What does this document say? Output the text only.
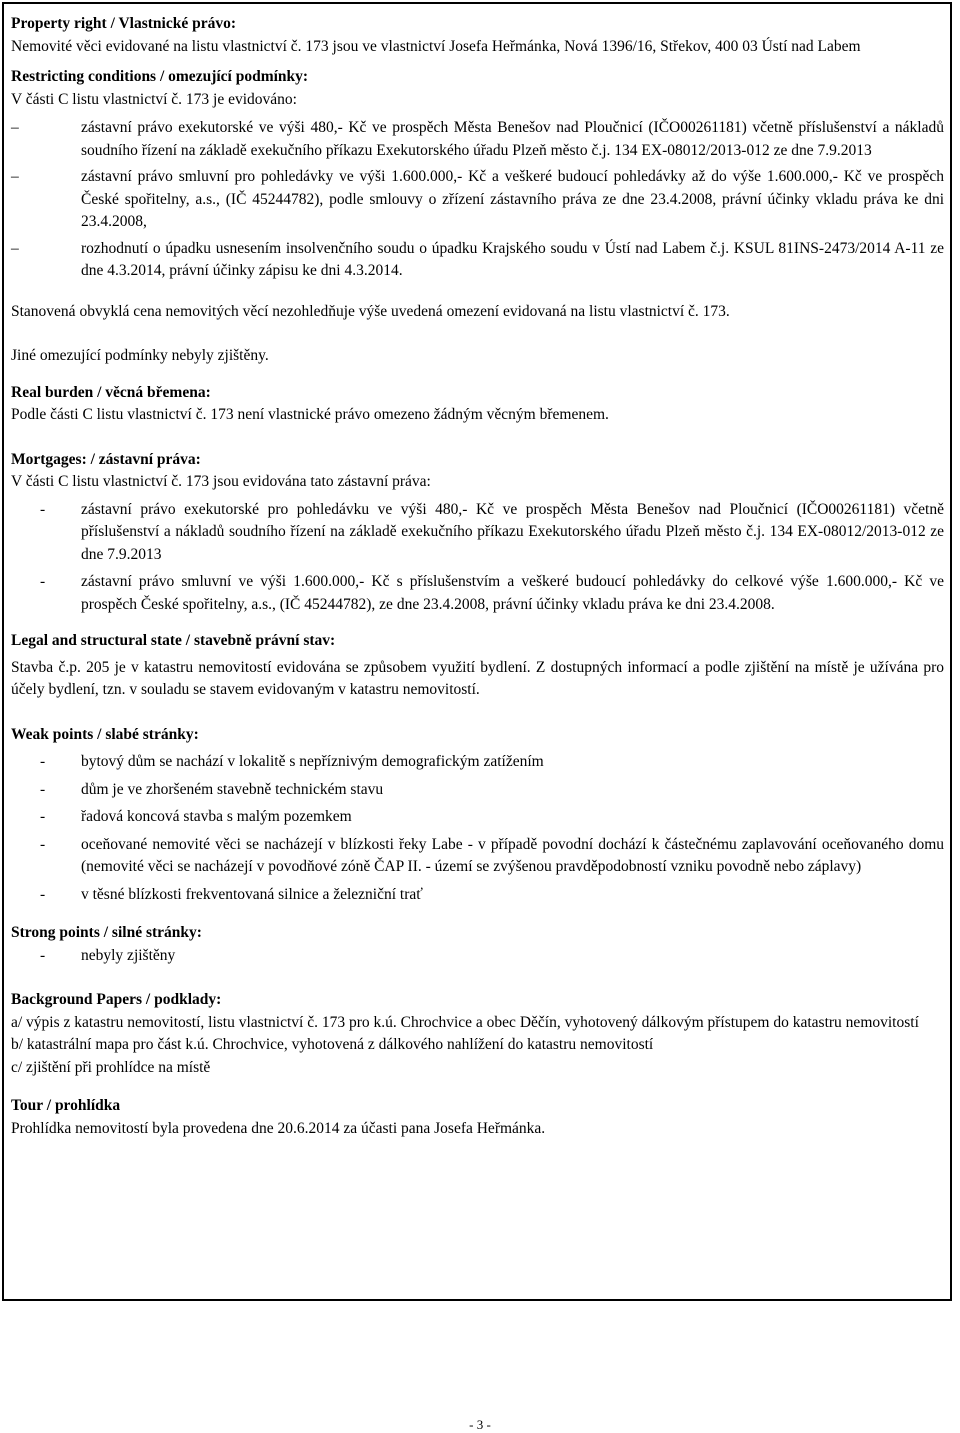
Property right / Vlastnické právo:

Nemovité věci evidované na listu vlastnictví č. 173 jsou ve vlastnictví Josefa Heřmánka, Nová 1396/16, Střekov, 400 03 Ústí nad Labem

Restricting conditions / omezující podmínky:

V části C listu vlastnictví č. 173 je evidováno:

–	zástavní právo exekutorské ve výši 480,- Kč ve prospěch Města Benešov nad Ploučnicí (IČO00261181) včetně příslušenství a nákladů soudního řízení na základě exekučního příkazu Exekutorského úřadu Plzeň město č.j. 134 EX-08012/2013-012 ze dne 7.9.2013
–	zástavní právo smluvní pro pohledávky ve výši 1.600.000,- Kč a veškeré budoucí pohledávky až do výše 1.600.000,- Kč ve prospěch České spořitelny, a.s., (IČ 45244782), podle smlouvy o zřízení zástavního práva ze dne 23.4.2008, právní účinky vkladu práva ke dni 23.4.2008,
–	rozhodnutí o úpadku usnesením insolvenčního soudu o úpadku Krajského soudu v Ústí nad Labem č.j. KSUL 81INS-2473/2014 A-11 ze dne 4.3.2014, právní účinky zápisu ke dni 4.3.2014.

Stanovená obvyklá cena nemovitých věcí nezohledňuje výše uvedená omezení evidovaná na listu vlastnictví č. 173.

Jiné omezující podmínky nebyly zjištěny.

Real burden / věcná břemena:

Podle části C listu vlastnictví č. 173 není vlastnické právo omezeno žádným věcným břemenem.

Mortgages: / zástavní práva:

V části C listu vlastnictví č. 173 jsou evidována tato zástavní práva:

- zástavní právo exekutorské pro pohledávku ve výši 480,- Kč ve prospěch Města Benešov nad Ploučnicí (IČO00261181) včetně příslušenství a nákladů soudního řízení na základě exekučního příkazu Exekutorského úřadu Plzeň město č.j. 134 EX-08012/2013-012 ze dne 7.9.2013
- zástavní právo smluvní ve výši 1.600.000,- Kč s příslušenstvím a veškeré budoucí pohledávky do celkové výše 1.600.000,- Kč ve prospěch České spořitelny, a.s., (IČ 45244782), ze dne 23.4.2008, právní účinky vkladu práva ke dni 23.4.2008.

Legal and structural state / stavebně právní stav:

Stavba č.p. 205 je v katastru nemovitostí evidována se způsobem využití bydlení. Z dostupných informací a podle zjištění na místě je užívána pro účely bydlení, tzn. v souladu se stavem evidovaným v katastru nemovitostí.

Weak points / slabé stránky:

- bytový dům se nachází v lokalitě s nepříznivým demografickým zatížením
- dům je ve zhoršeném stavebně technickém stavu
- řadová koncová stavba s malým pozemkem
- oceňované nemovité věci se nacházejí v blízkosti řeky Labe - v případě povodní dochází k částečnému zaplavování oceňovaného domu (nemovité věci se nacházejí v povodňové zóně ČAP II. - území se zvýšenou pravděpodobností vzniku povodně nebo záplavy)
- v těsné blízkosti frekventovaná silnice a železniční trať

Strong points / silné stránky:

- nebyly zjištěny

Background Papers / podklady:

a/ výpis z katastru nemovitostí, listu vlastnictví č. 173 pro k.ú. Chrochvice a obec Děčín, vyhotovený dálkovým přístupem do katastru nemovitostí

b/ katastrální mapa pro část k.ú. Chrochvice, vyhotovená z dálkového nahlížení do katastru nemovitostí

c/ zjištění při prohlídce na místě

Tour / prohlídka

Prohlídka nemovitostí byla provedena dne 20.6.2014 za účasti pana Josefa Heřmánka.

- 3 -
